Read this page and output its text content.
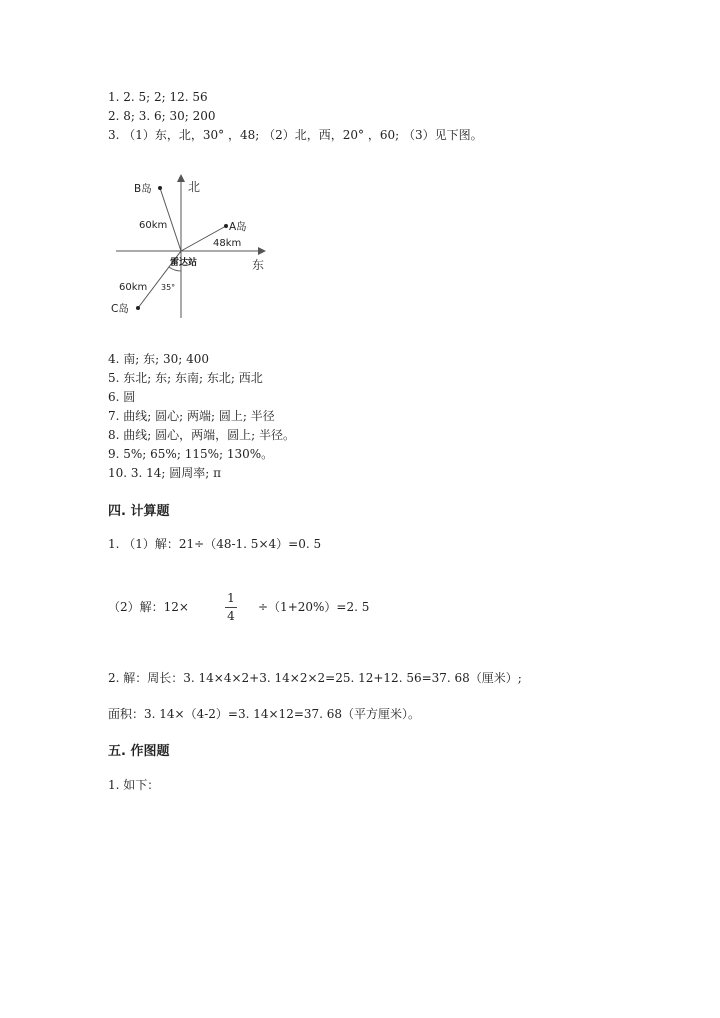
1. 2. 5; 2; 12. 56
2. 8; 3. 6; 30; 200
3. （1）东，北，30° ，48; （2）北，西，20° ，60; （3）见下图。
北
东
B岛
A岛
C岛
60km
48km
60km 35°
雷达站
4. 南; 东; 30; 400
5. 东北; 东; 东南; 东北; 西北
6. 圆
7. 曲线; 圆心; 两端; 圆上; 半径
8. 曲线; 圆心，两端，圆上; 半径。
9. 5%; 65%; 115%; 130%。
10. 3. 14; 圆周率; π
四. 计算题
1. （1）解：21÷（48-1. 5×4）=0. 5
（2）解：12×
1
4
÷（1+20%）=2. 5
2. 解：周长：3. 14×4×2+3. 14×2×2=25. 12+12. 56=37. 68（厘米）;
面积：3. 14×（4-2）=3. 14×12=37. 68（平方厘米）。
五. 作图题
1. 如下：
